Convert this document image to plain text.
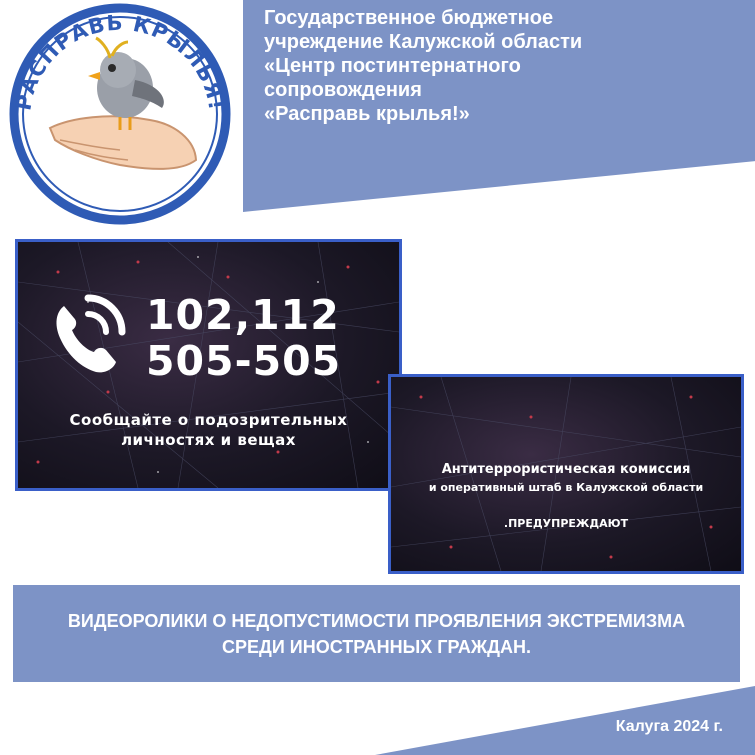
Государственное бюджетное
учреждение Калужской области
«Центр постинтернатного
сопровождения
«Расправь крылья!»
РАСПРАВЬ КРЫЛЬЯ!
102,112
505-505
Сообщайте о подозрительных
личностях и вещах
Антитеррористическая комиссия
и оперативный штаб в Калужской области
.ПРЕДУПРЕЖДАЮТ
ВИДЕОРОЛИКИ О НЕДОПУСТИМОСТИ ПРОЯВЛЕНИЯ ЭКСТРЕМИЗМА
СРЕДИ ИНОСТРАННЫХ ГРАЖДАН.
Калуга 2024 г.
